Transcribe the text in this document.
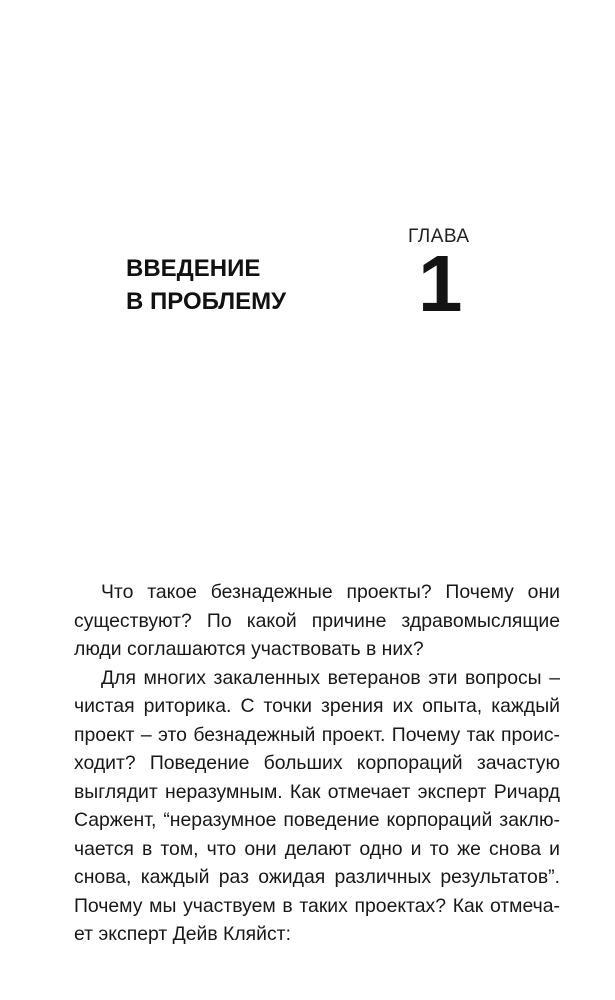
ГЛАВА
1
ВВЕДЕНИЕ
В ПРОБЛЕМУ
Что такое безнадежные проекты? Почему они
существуют? По какой причине здравомыслящие
люди соглашаются участвовать в них?
Для многих закаленных ветеранов эти вопросы –
чистая риторика. С точки зрения их опыта, каждый
проект – это безнадежный проект. Почему так проис-
ходит? Поведение больших корпораций зачастую
выглядит неразумным. Как отмечает эксперт Ричард
Саржент, “неразумное поведение корпораций заклю-
чается в том, что они делают одно и то же снова и
снова, каждый раз ожидая различных результатов”.
Почему мы участвуем в таких проектах? Как отмеча-
ет эксперт Дейв Кляйст:
